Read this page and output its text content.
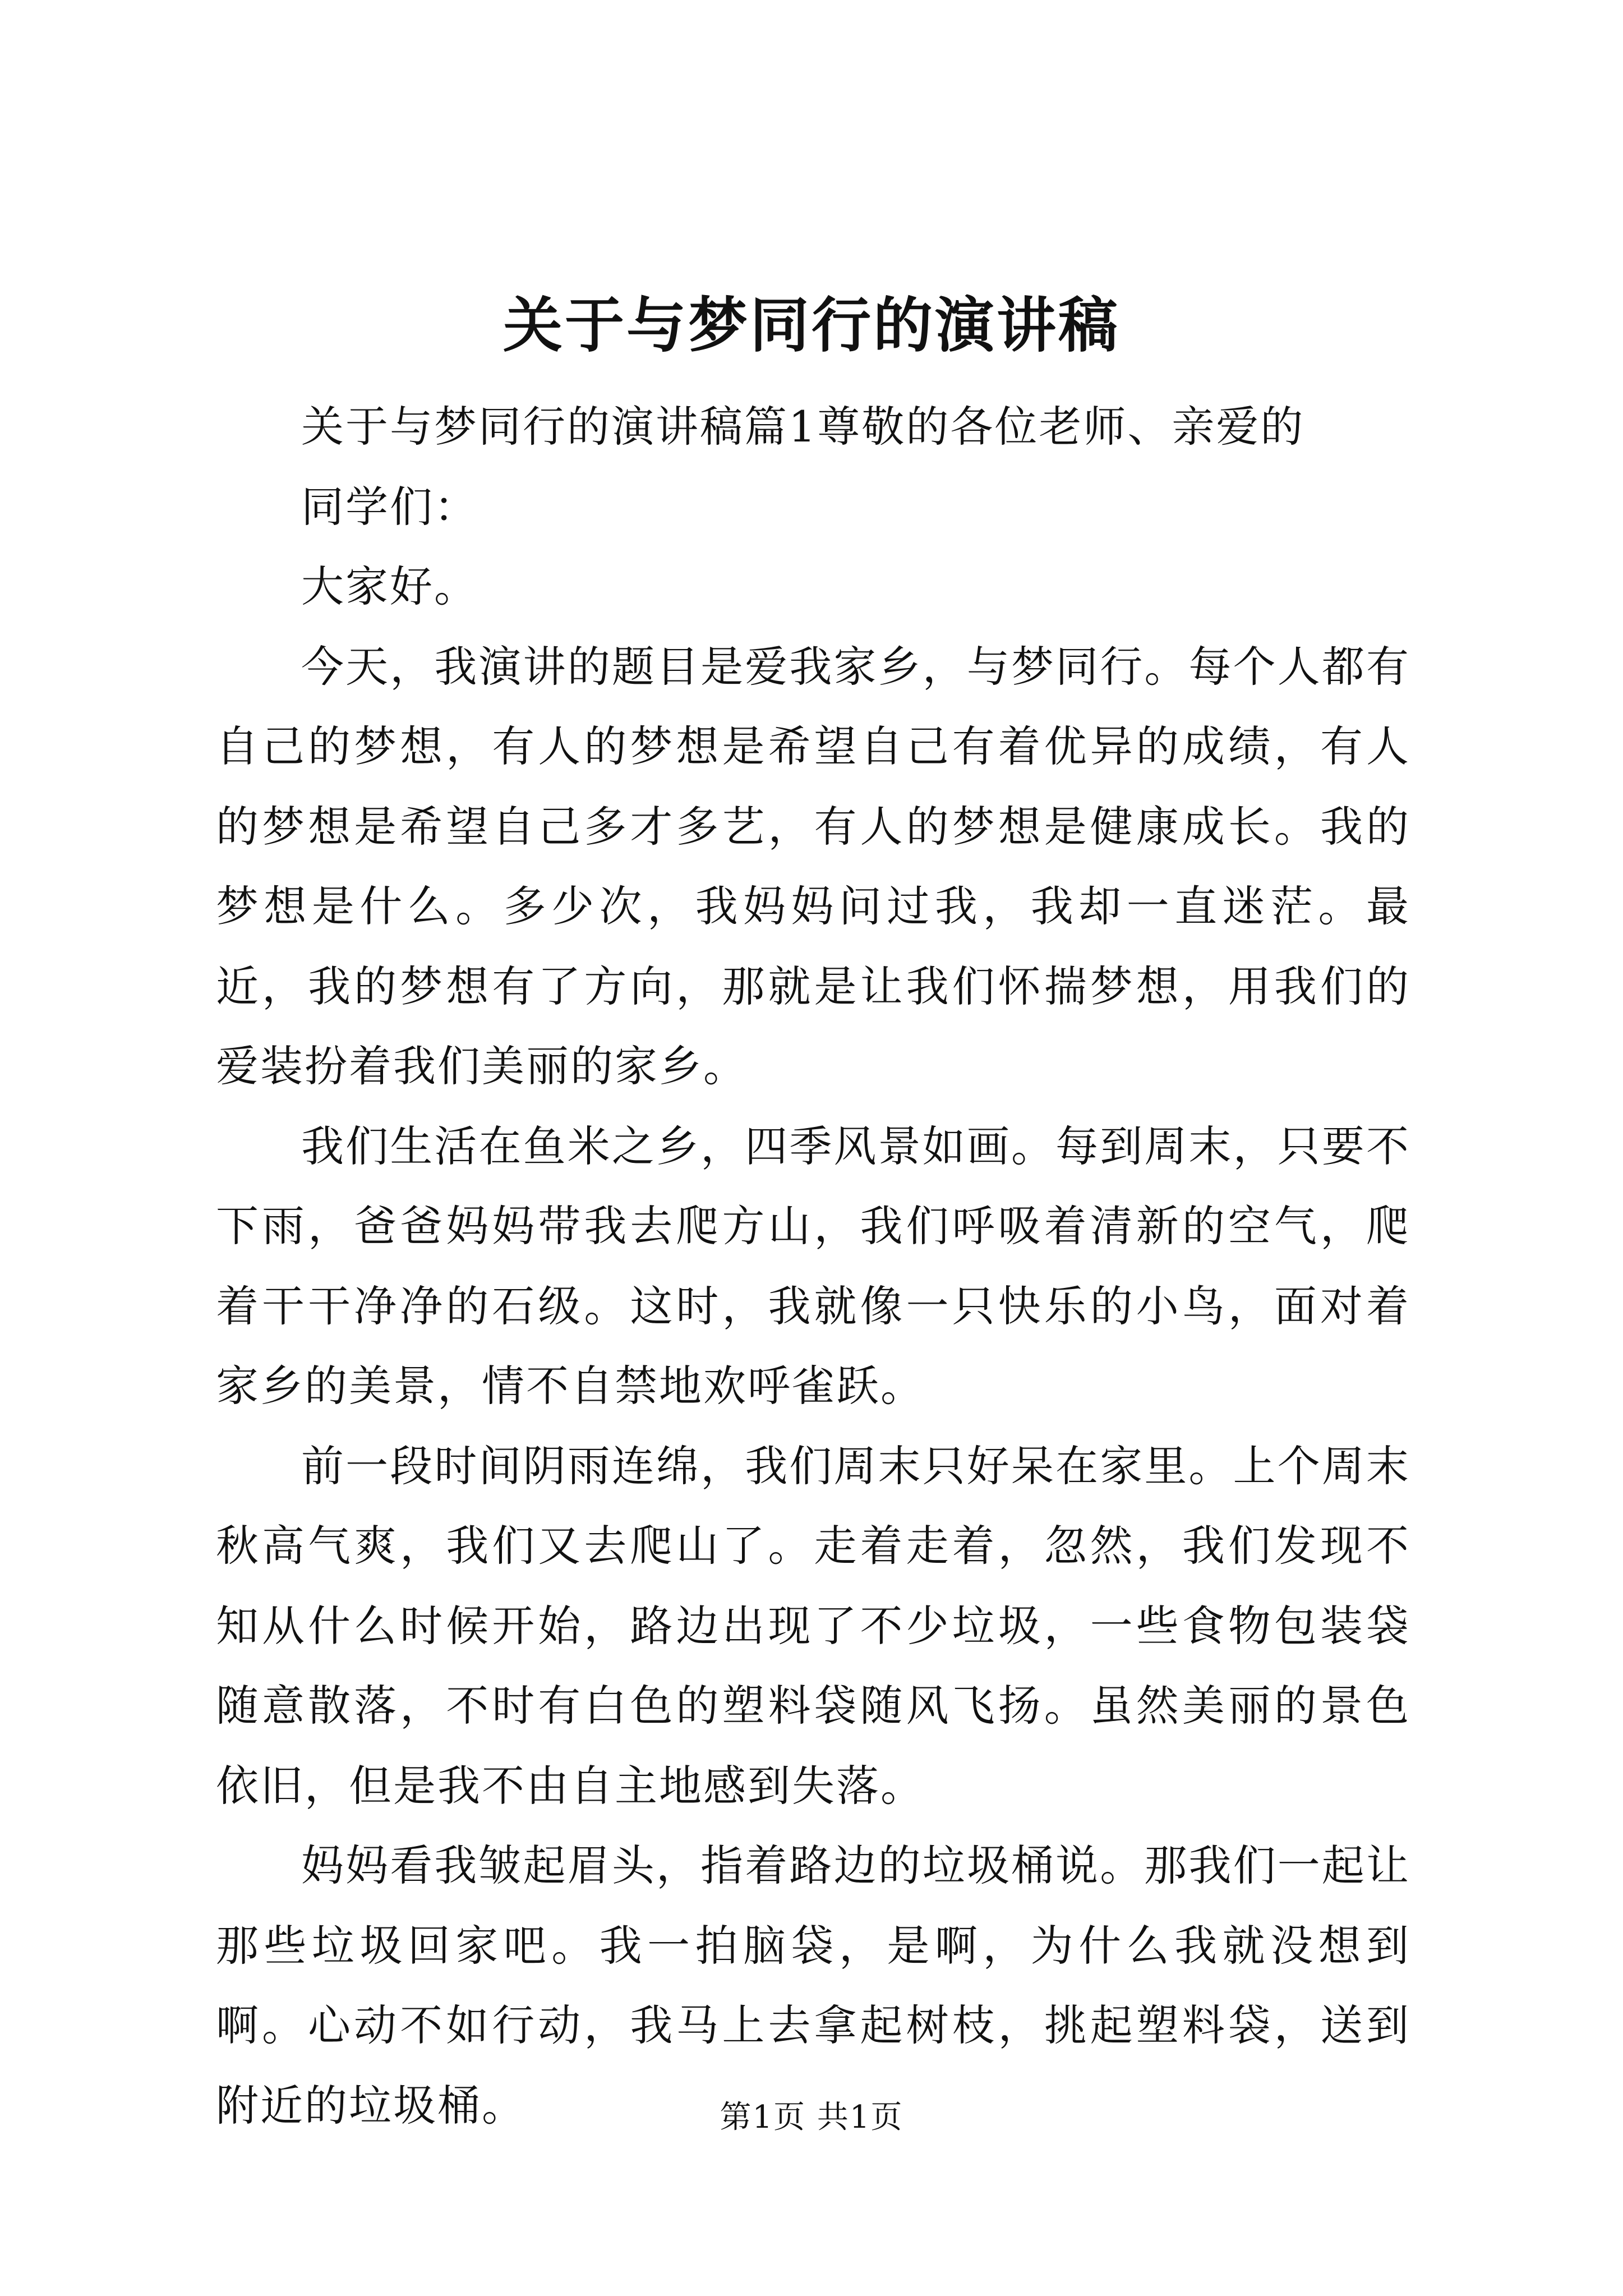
关于与梦同行的演讲稿

关于与梦同行的演讲稿篇1尊敬的各位老师、亲爱的

同学们：

大家好。

今天，我演讲的题目是爱我家乡，与梦同行。每个人都有自己的梦想，有人的梦想是希望自己有着优异的成绩，有人的梦想是希望自己多才多艺，有人的梦想是健康成长。我的梦想是什么。多少次，我妈妈问过我，我却一直迷茫。最近，我的梦想有了方向，那就是让我们怀揣梦想，用我们的爱装扮着我们美丽的家乡。

我们生活在鱼米之乡，四季风景如画。每到周末，只要不下雨，爸爸妈妈带我去爬方山，我们呼吸着清新的空气，爬着干干净净的石级。这时，我就像一只快乐的小鸟，面对着家乡的美景，情不自禁地欢呼雀跃。

前一段时间阴雨连绵，我们周末只好呆在家里。上个周末秋高气爽，我们又去爬山了。走着走着，忽然，我们发现不知从什么时候开始，路边出现了不少垃圾，一些食物包装袋随意散落，不时有白色的塑料袋随风飞扬。虽然美丽的景色依旧，但是我不由自主地感到失落。

妈妈看我皱起眉头，指着路边的垃圾桶说。那我们一起让那些垃圾回家吧。我一拍脑袋，是啊，为什么我就没想到啊。心动不如行动，我马上去拿起树枝，挑起塑料袋，送到附近的垃圾桶。	第1页 共1页
